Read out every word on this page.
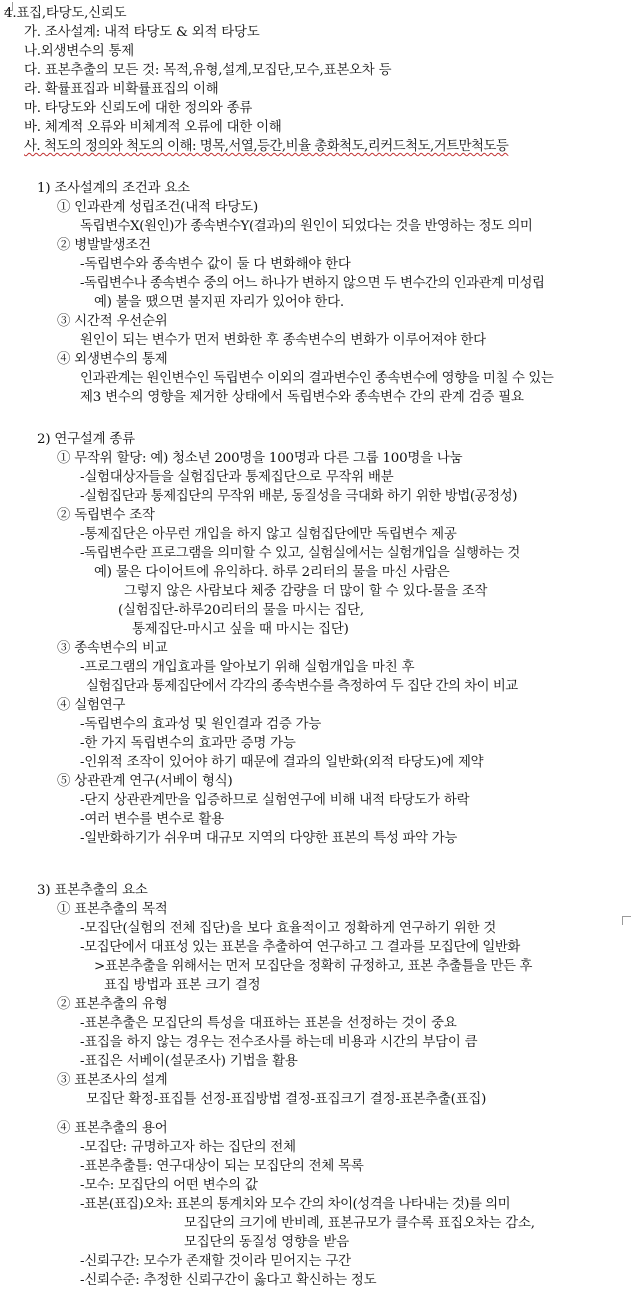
4.표집,타당도,신뢰도
가. 조사설계: 내적 타당도 & 외적 타당도
나.외생변수의 통제
다. 표본추출의 모든 것: 목적,유형,설계,모집단,모수,표본오차 등
라. 확률표집과 비확률표집의 이해
마. 타당도와 신뢰도에 대한 정의와 종류
바. 체계적 오류와 비체계적 오류에 대한 이해
사. 척도의 정의와 척도의 이해: 명목,서열,등간,비율 총화척도,리커드척도,거트만척도등
1) 조사설계의 조건과 요소
① 인과관계 성립조건(내적 타당도)
독립변수X(원인)가 종속변수Y(결과)의 원인이 되었다는 것을 반영하는 정도 의미
② 병발발생조건
-독립변수와 종속변수 값이 둘 다 변화해야 한다
-독립변수나 종속변수 중의 어느 하나가 변하지 않으면 두 변수간의 인과관계 미성립
예) 불을 땠으면 불지핀 자리가 있어야 한다.
③ 시간적 우선순위
원인이 되는 변수가 먼저 변화한 후 종속변수의 변화가 이루어져야 한다
④ 외생변수의 통제
인과관계는 원인변수인 독립변수 이외의 결과변수인 종속변수에 영향을 미칠 수 있는
제3 변수의 영향을 제거한 상태에서 독립변수와 종속변수 간의 관계 검증 필요
2) 연구설계 종류
① 무작위 할당: 예) 청소년 200명을 100명과 다른 그룹 100명을 나눔
-실험대상자들을 실험집단과 통제집단으로 무작위 배분
-실험집단과 통제집단의 무작위 배분, 동질성을 극대화 하기 위한 방법(공정성)
② 독립변수 조작
-통제집단은 아무런 개입을 하지 않고 실험집단에만 독립변수 제공
-독립변수란 프로그램을 의미할 수 있고, 실험실에서는 실험개입을 실행하는 것
예) 물은 다이어트에 유익하다. 하루 2리터의 물을 마신 사람은
그렇지 않은 사람보다 체중 감량을 더 많이 할 수 있다-물을 조작
(실험집단-하루20리터의 물을 마시는 집단,
통제집단-마시고 싶을 때 마시는 집단)
③ 종속변수의 비교
-프로그램의 개입효과를 알아보기 위해 실험개입을 마친 후
실험집단과 통제집단에서 각각의 종속변수를 측정하여 두 집단 간의 차이 비교
④ 실험연구
-독립변수의 효과성 및 원인결과 검증 가능
-한 가지 독립변수의 효과만 증명 가능
-인위적 조작이 있어야 하기 때문에 결과의 일반화(외적 타당도)에 제약
⑤ 상관관계 연구(서베이 형식)
-단지 상관관계만을 입증하므로 실험연구에 비해 내적 타당도가 하락
-여러 변수를 변수로 활용
-일반화하기가 쉬우며 대규모 지역의 다양한 표본의 특성 파악 가능
3) 표본추출의 요소
① 표본추출의 목적
-모집단(실험의 전체 집단)을 보다 효율적이고 정확하게 연구하기 위한 것
-모집단에서 대표성 있는 표본을 추출하여 연구하고 그 결과를 모집단에 일반화
>표본추출을 위해서는 먼저 모집단을 정확히 규정하고, 표본 추출틀을 만든 후
표집 방법과 표본 크기 결정
② 표본추출의 유형
-표본추출은 모집단의 특성을 대표하는 표본을 선정하는 것이 중요
-표집을 하지 않는 경우는 전수조사를 하는데 비용과 시간의 부담이 큼
-표집은 서베이(설문조사) 기법을 활용
③ 표본조사의 설계
모집단 확정-표집틀 선정-표집방법 결정-표집크기 결정-표본추출(표집)
④ 표본추출의 용어
-모집단: 규명하고자 하는 집단의 전체
-표본추출틀: 연구대상이 되는 모집단의 전체 목록
-모수: 모집단의 어떤 변수의 값
-표본(표집)오차: 표본의 통계치와 모수 간의 차이(성격을 나타내는 것)를 의미
모집단의 크기에 반비례, 표본규모가 클수록 표집오차는 감소,
모집단의 동질성 영향을 받음
-신뢰구간: 모수가 존재할 것이라 믿어지는 구간
-신뢰수준: 추정한 신뢰구간이 옳다고 확신하는 정도
